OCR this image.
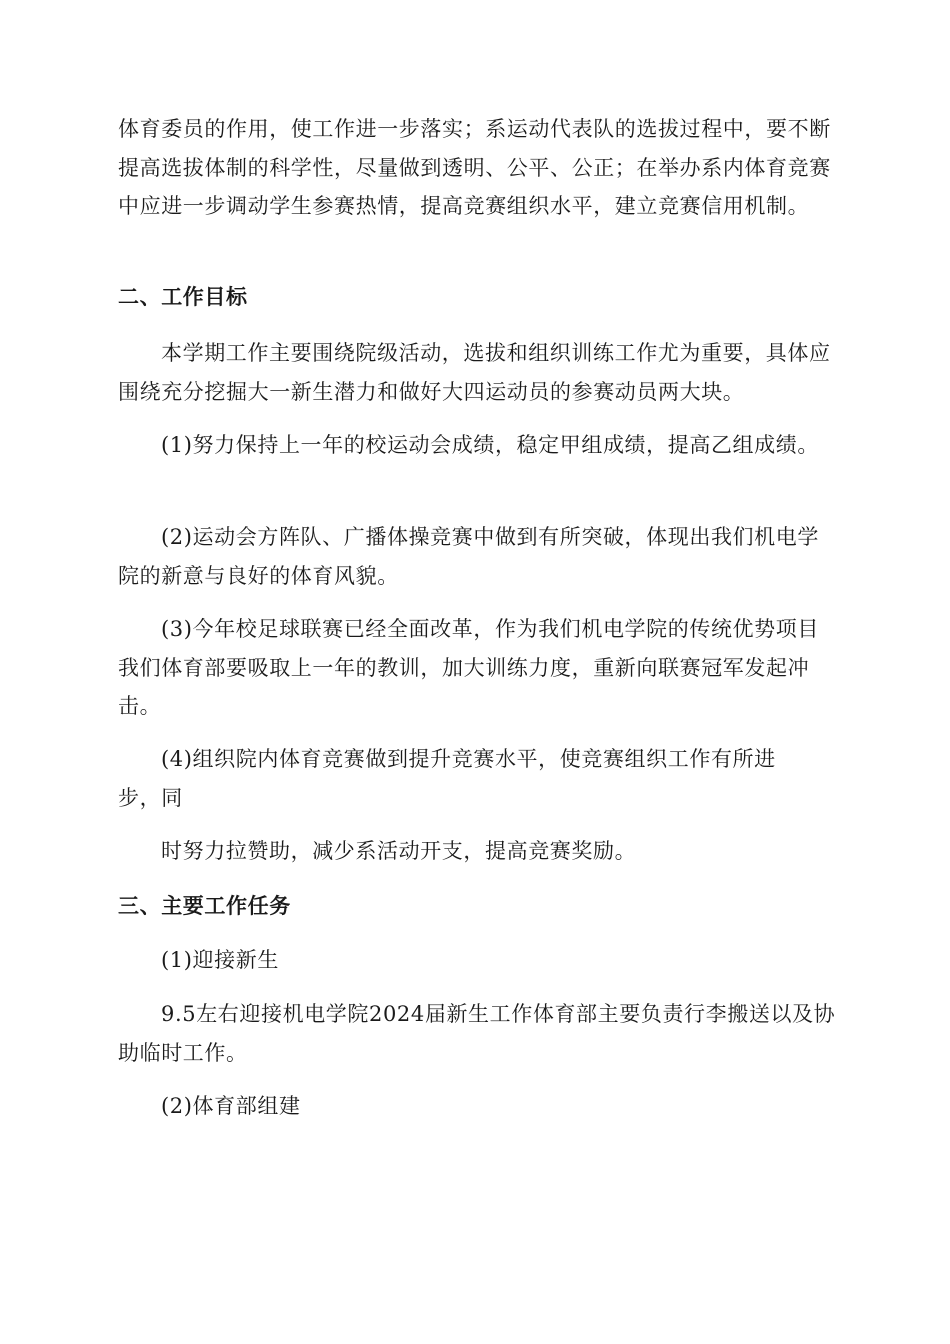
体育委员的作用，使工作进一步落实；系运动代表队的选拔过程中，要不断提高选拔体制的科学性，尽量做到透明、公平、公正；在举办系内体育竞赛中应进一步调动学生参赛热情，提高竞赛组织水平，建立竞赛信用机制。

二、工作目标

本学期工作主要围绕院级活动，选拔和组织训练工作尤为重要，具体应围绕充分挖掘大一新生潜力和做好大四运动员的参赛动员两大块。

(1)努力保持上一年的校运动会成绩，稳定甲组成绩，提高乙组成绩。

(2)运动会方阵队、广播体操竞赛中做到有所突破，体现出我们机电学院的新意与良好的体育风貌。

(3)今年校足球联赛已经全面改革，作为我们机电学院的传统优势项目我们体育部要吸取上一年的教训，加大训练力度，重新向联赛冠军发起冲击。

(4)组织院内体育竞赛做到提升竞赛水平，使竞赛组织工作有所进步，同

时努力拉赞助，减少系活动开支，提高竞赛奖励。

三、主要工作任务

(1)迎接新生

9.5左右迎接机电学院2024届新生工作体育部主要负责行李搬送以及协助临时工作。

(2)体育部组建
